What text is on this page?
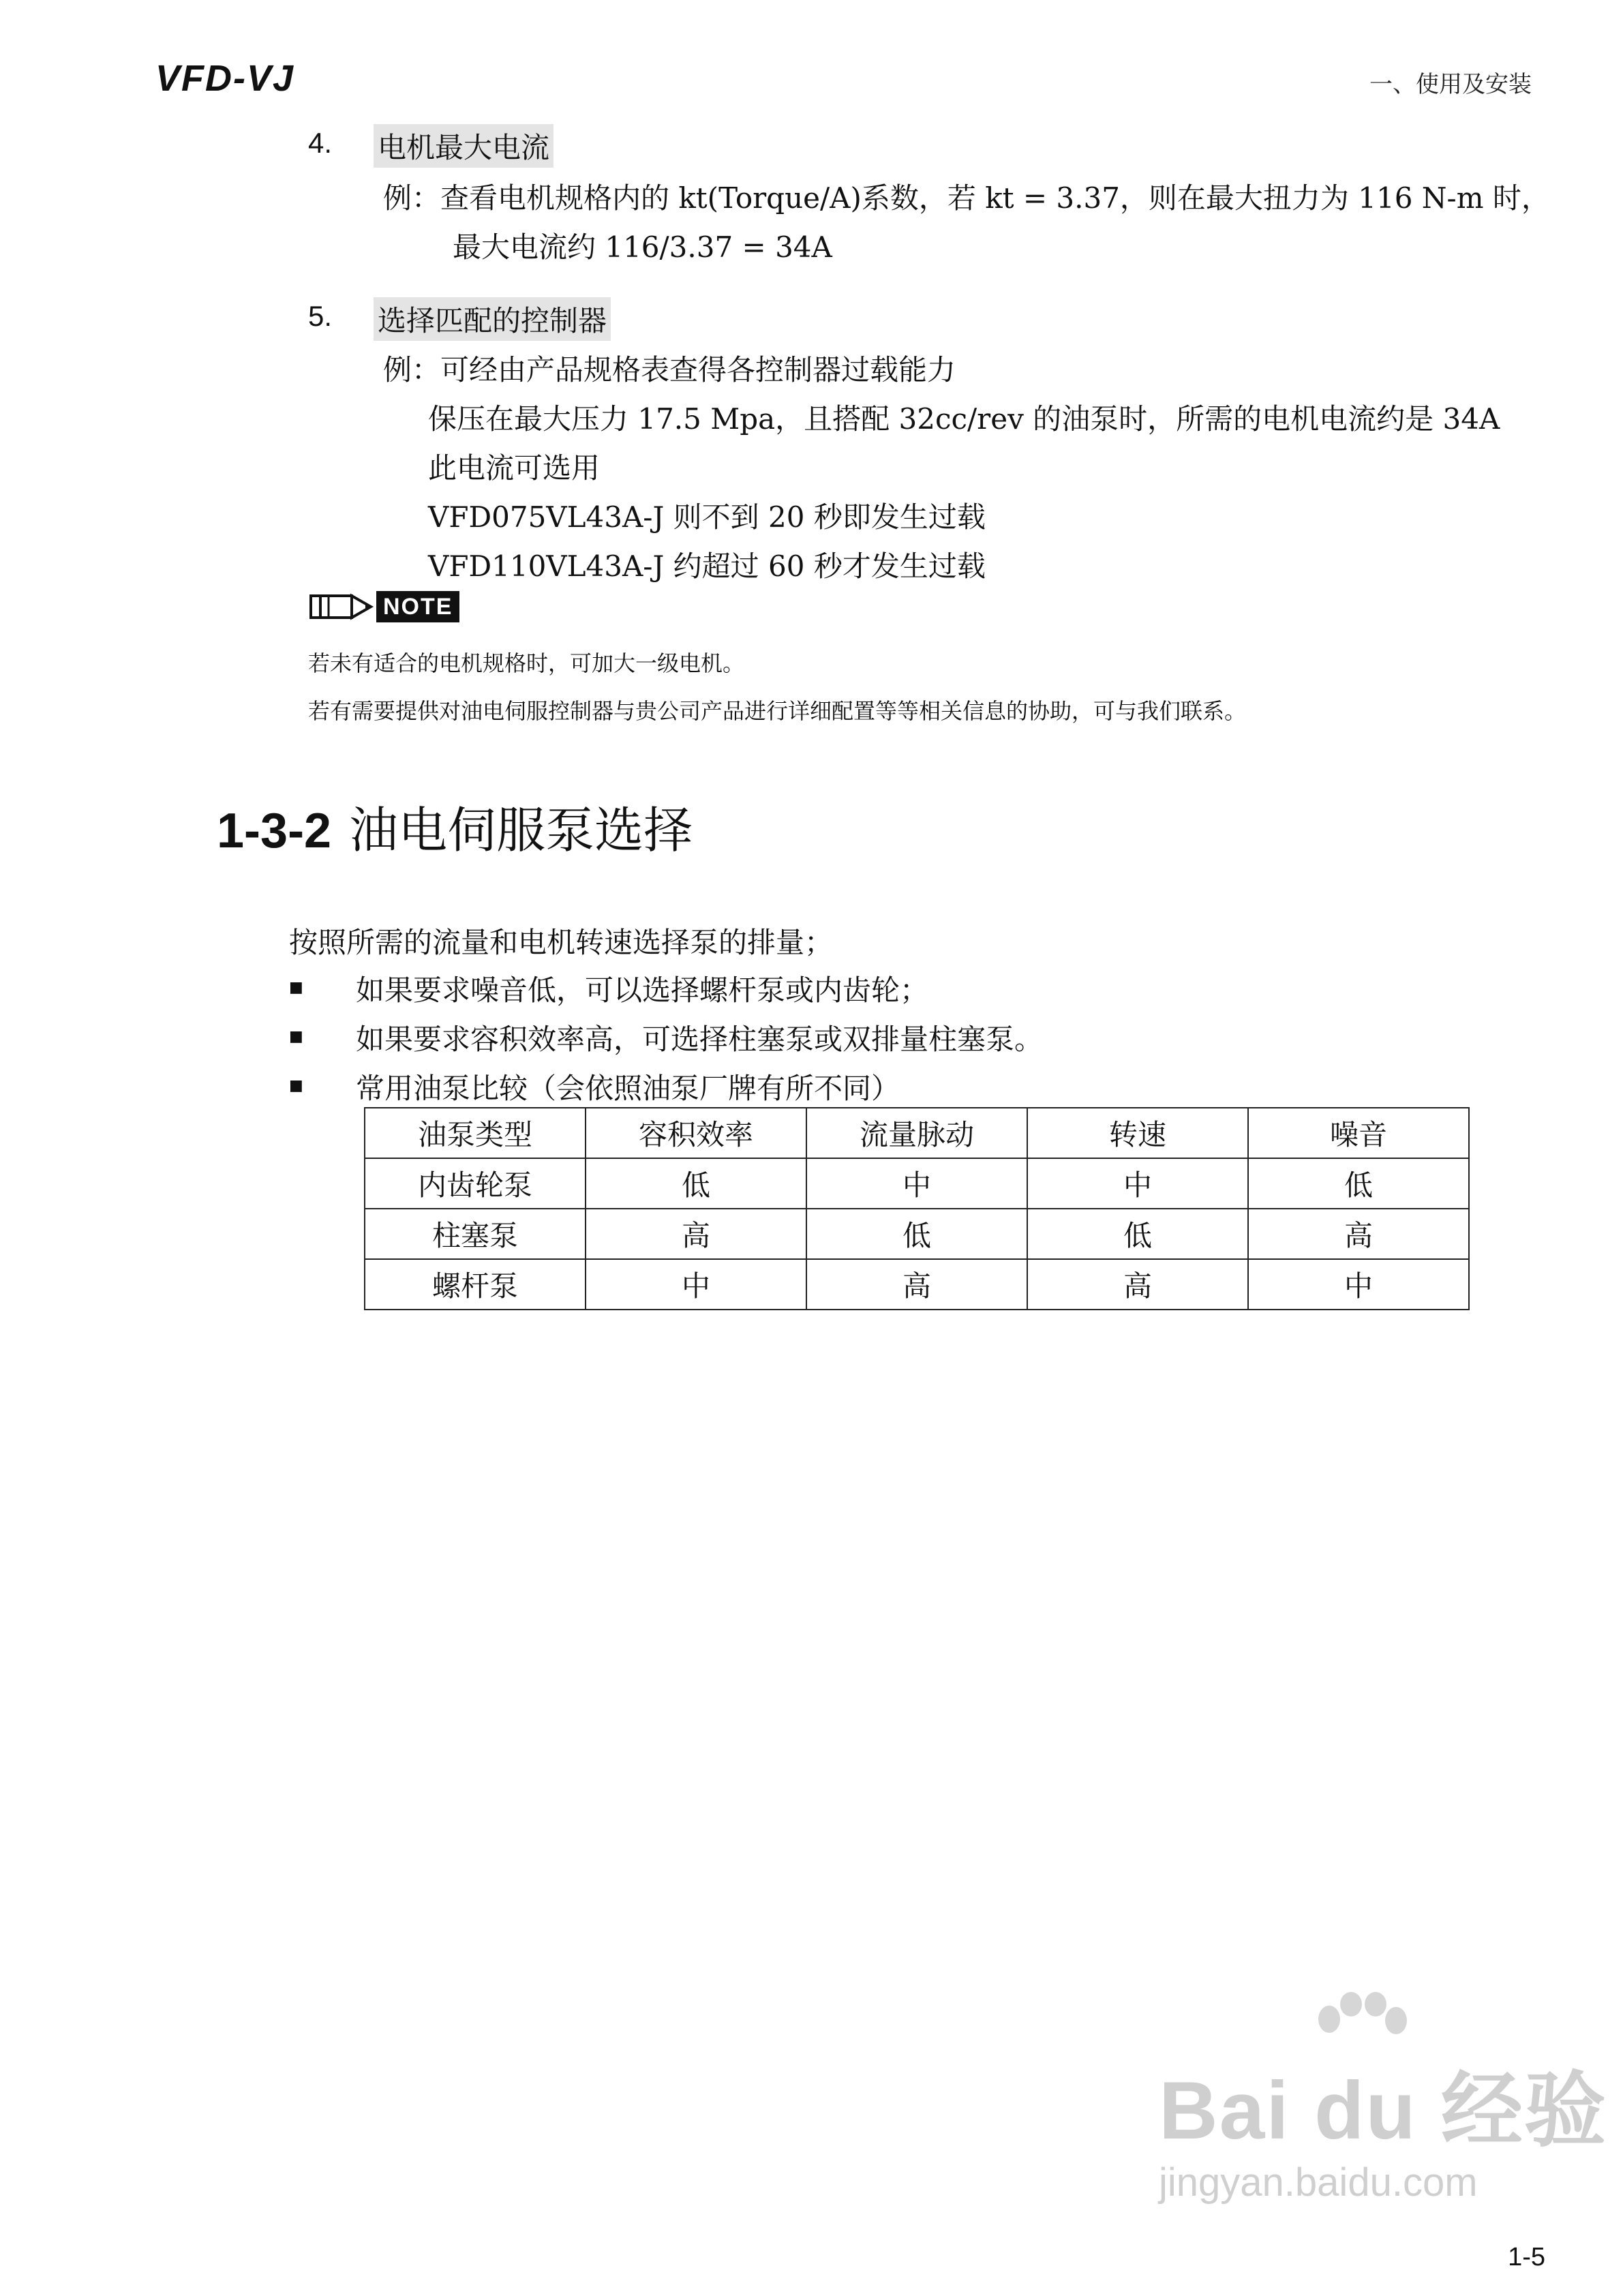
VFD-VJ	一、使用及安装
4. 电机最大电流
例：查看电机规格内的 kt(Torque/A)系数，若 kt = 3.37，则在最大扭力为 116 N-m 时，
最大电流约 116/3.37 = 34A
5. 选择匹配的控制器
例：可经由产品规格表查得各控制器过载能力
保压在最大压力 17.5 Mpa，且搭配 32cc/rev 的油泵时，所需的电机电流约是 34A
此电流可选用
VFD075VL43A-J 则不到 20 秒即发生过载
VFD110VL43A-J 约超过 60 秒才发生过载
NOTE
若未有适合的电机规格时，可加大一级电机。
若有需要提供对油电伺服控制器与贵公司产品进行详细配置等等相关信息的协助，可与我们联系。
1-3-2 油电伺服泵选择
按照所需的流量和电机转速选择泵的排量；
■ 如果要求噪音低，可以选择螺杆泵或内齿轮；
■ 如果要求容积效率高，可选择柱塞泵或双排量柱塞泵。
■ 常用油泵比较（会依照油泵厂牌有所不同）
油泵类型	容积效率	流量脉动	转速	噪音
内齿轮泵	低	中	中	低
柱塞泵	高	低	低	高
螺杆泵	中	高	高	中
Bai du 经验
jingyan.baidu.com
1-5
